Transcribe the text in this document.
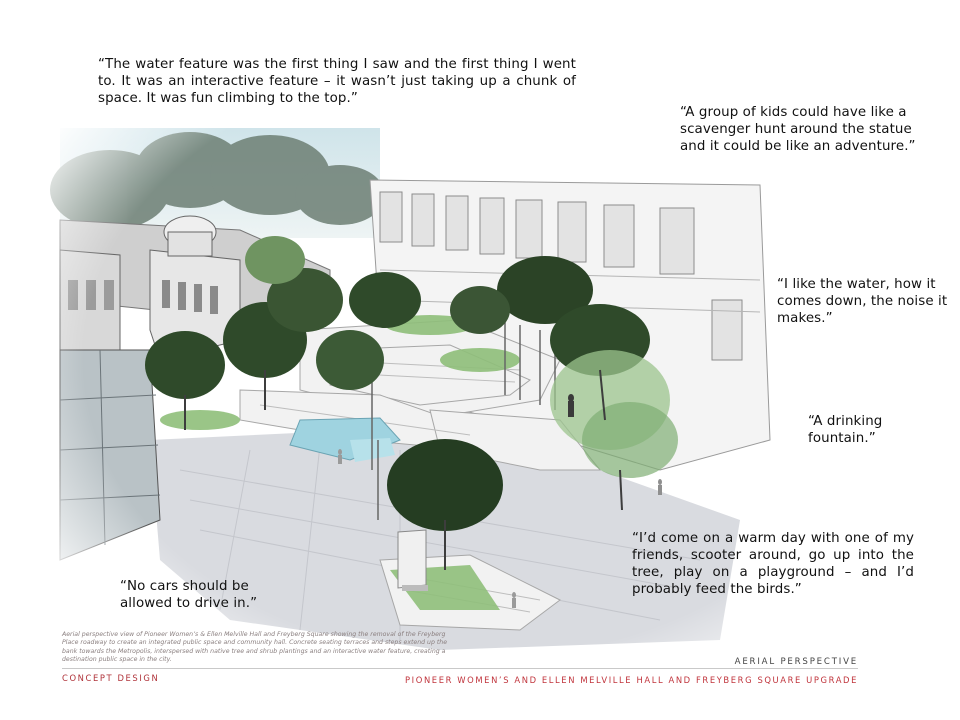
“The water feature was the first thing I saw and the first thing I went to. It was an interactive feature – it wasn’t just taking up a chunk of space. It was fun climbing to the top.”
“A group of kids could have like a scavenger hunt around the statue and it could be like an adventure.”
“I like the water, how it comes down, the noise it makes.”
“A drinking fountain.”
“I’d come on a warm day with one of my friends, scooter around, go up into the tree, play on a playground – and I’d probably feed the birds.”
“No cars should be allowed to drive in.”
Aerial perspective view of Pioneer Women’s & Ellen Melville Hall and Freyberg Square showing the removal of the Freyberg Place roadway to create an integrated public space and community hall. Concrete seating terraces and steps extend up the bank towards the Metropolis, interspersed with native tree and shrub plantings and an interactive water feature, creating a destination public space in the city.	AERIAL PERSPECTIVE
CONCEPT DESIGN	PIONEER WOMEN’S AND ELLEN MELVILLE HALL AND FREYBERG SQUARE UPGRADE
